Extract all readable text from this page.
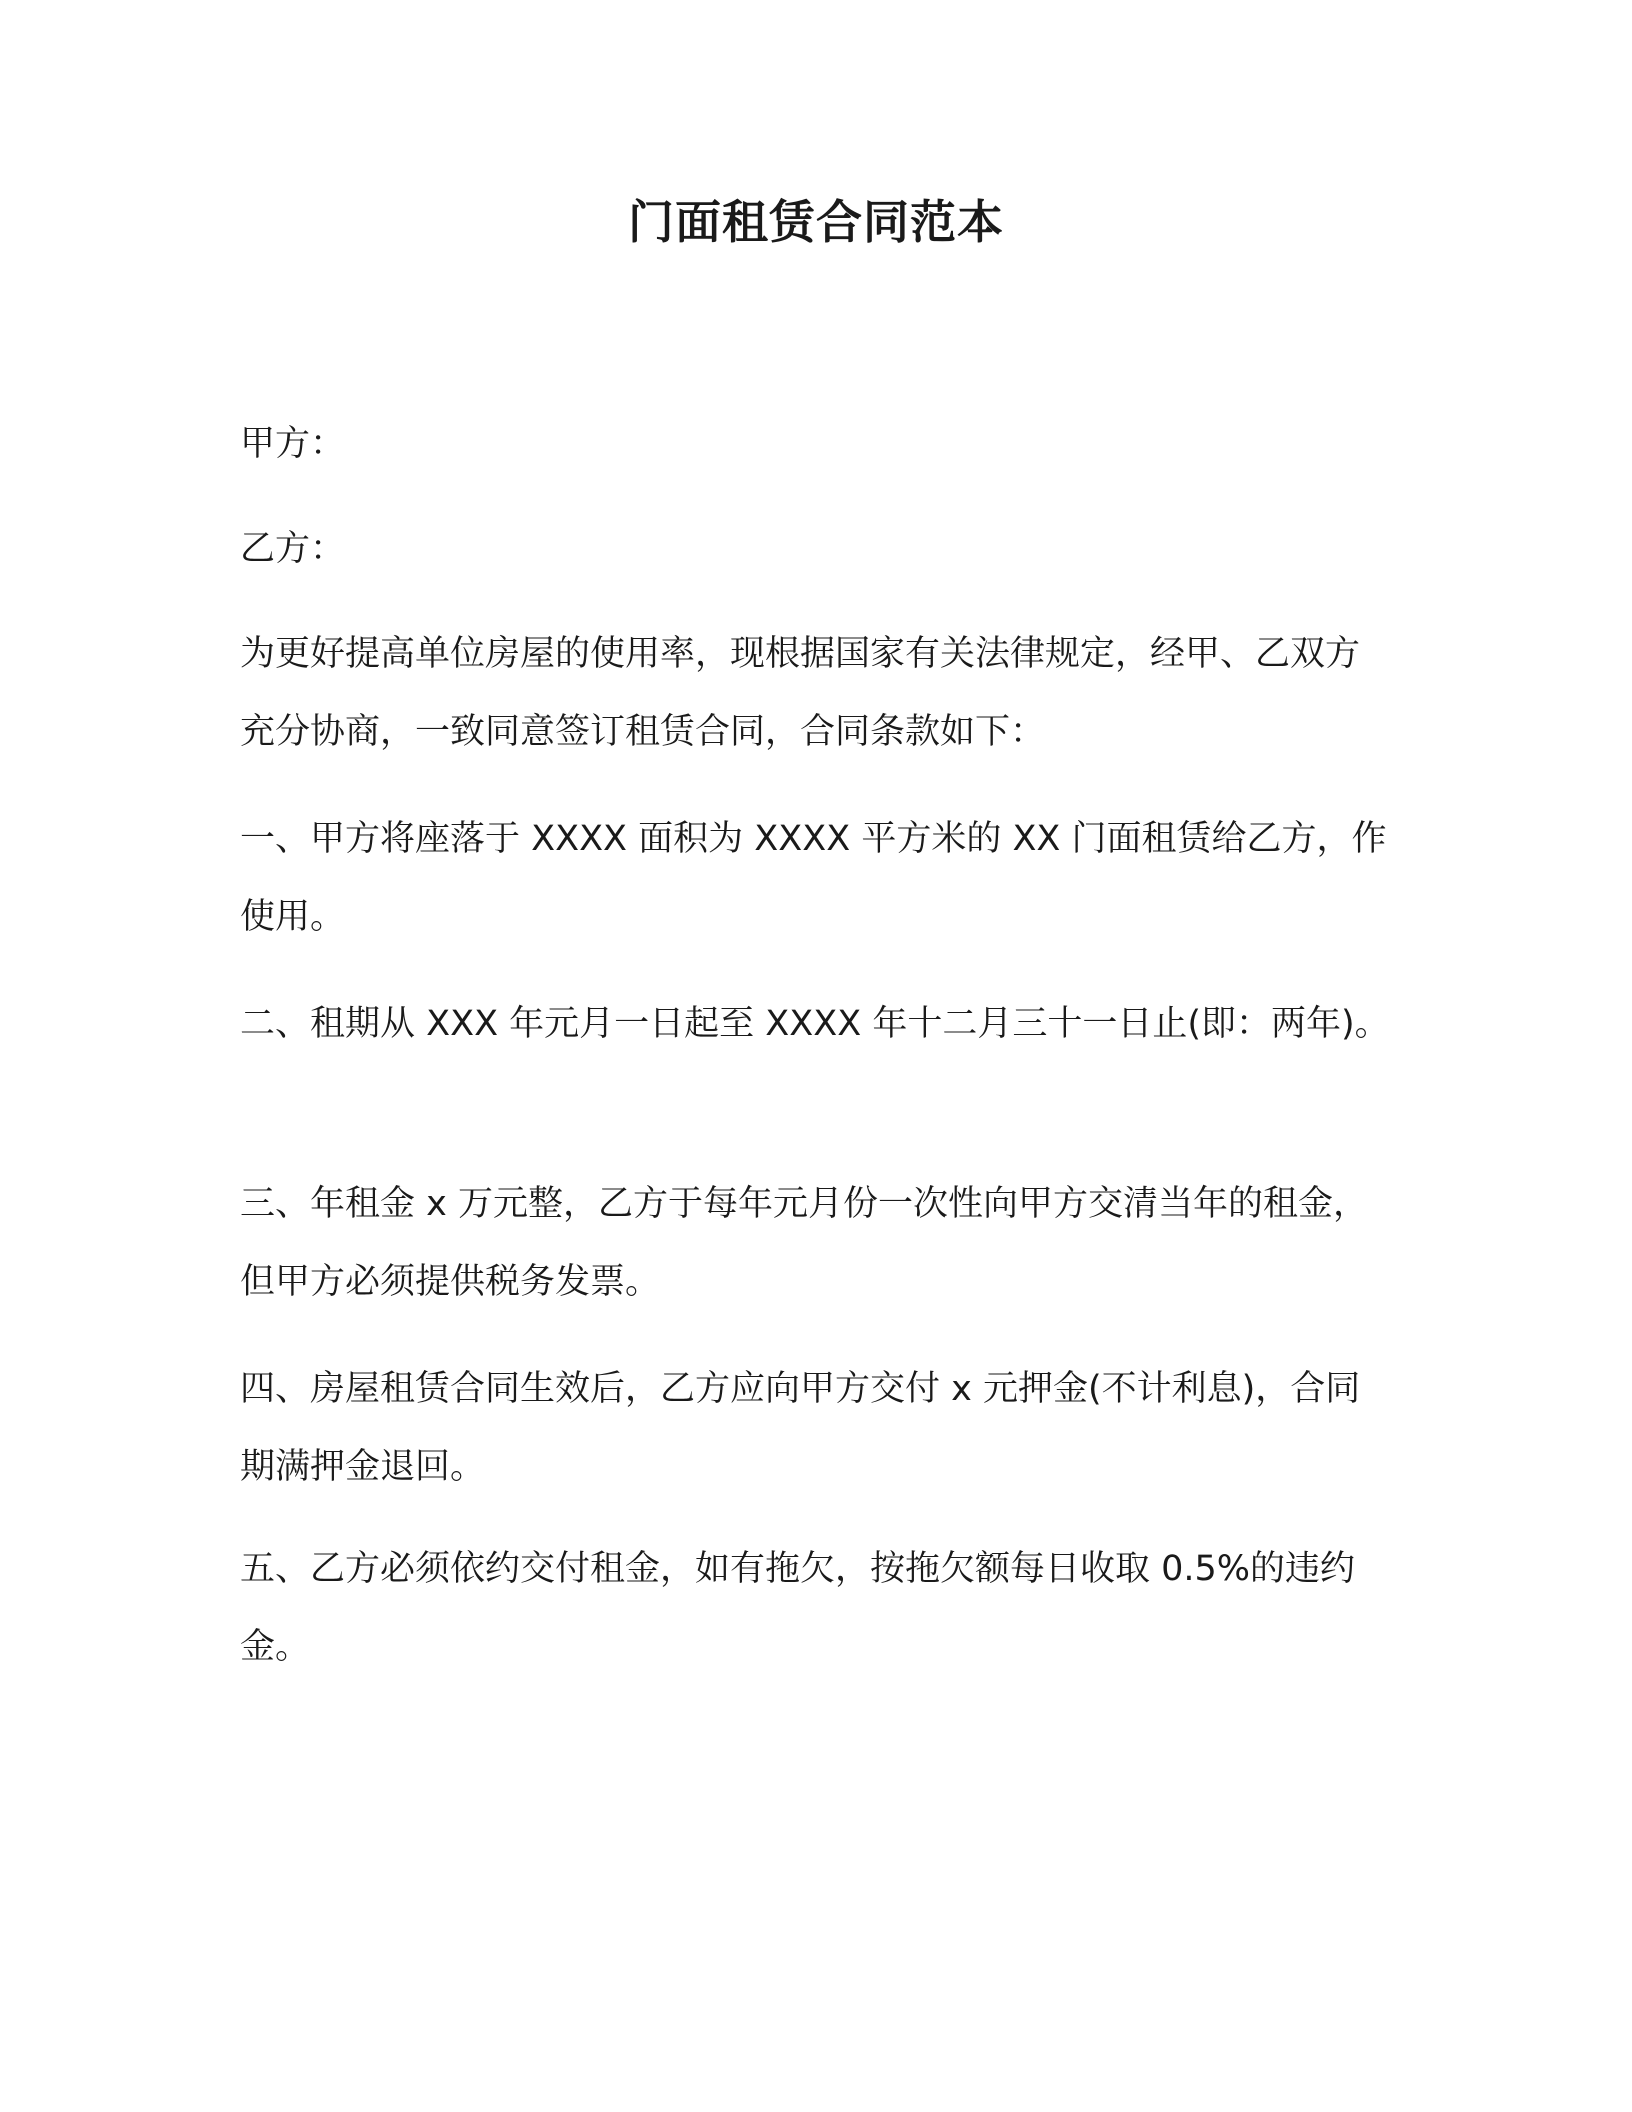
门面租赁合同范本

甲方：

乙方：

为更好提高单位房屋的使用率，现根据国家有关法律规定，经甲、乙双方充分协商，一致同意签订租赁合同，合同条款如下：

一、甲方将座落于 XXXX 面积为 XXXX 平方米的 XX 门面租赁给乙方，作使用。

二、租期从 XXX 年元月一日起至 XXXX 年十二月三十一日止(即：两年)。

三、年租金 x 万元整，乙方于每年元月份一次性向甲方交清当年的租金，但甲方必须提供税务发票。

四、房屋租赁合同生效后，乙方应向甲方交付 x 元押金(不计利息)，合同期满押金退回。

五、乙方必须依约交付租金，如有拖欠，按拖欠额每日收取 0.5%的违约金。
